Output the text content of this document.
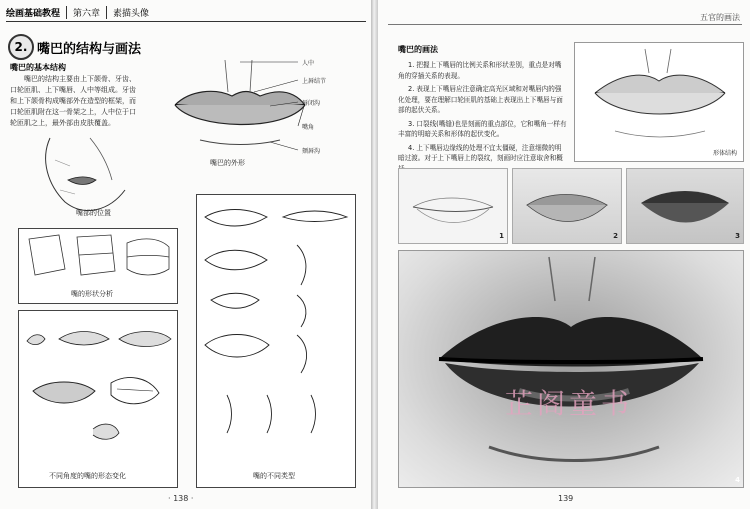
绘画基础教程	第六章	素描头像
2. 嘴巴的结构与画法
嘴巴的基本结构
嘴巴的结构主要由上下颌骨、牙齿、
口轮匝肌、上下嘴唇、人中等组成。牙齿
和上下颌骨构成嘴部外在造型的框架，而
口轮匝肌附在这一骨架之上，人中位于口
轮匝肌之上，最外部由皮肤覆盖。
人中
上唇结节
唇闭沟
嘴角
颏唇沟
嘴巴的外形
嘴部的位置
嘴的形状分析
不同角度的嘴的形态变化	嘴的不同类型
· 138 ·
五官的画法
嘴巴的画法
1. 把握上下嘴唇的比例关系和形状差别，重点是对嘴角的穿插关系的表现。
2. 表现上下嘴唇应注意确定高光区域和对嘴唇内的强化处理，要在理解口轮匝肌的基础上表现出上下嘴唇与面部的起伏关系。
3. 口裂线(嘴缝)也是刻画的重点部位，它和嘴角一样有丰富的明暗关系和形体的起伏变化。
4. 上下嘴唇边缘线的处理不宜太僵硬，注意细微的明暗过渡。对于上下嘴唇上的裂纹，刻画时应注意取舍和概
形体结构
1	2	3
4
139
芷阁童书
